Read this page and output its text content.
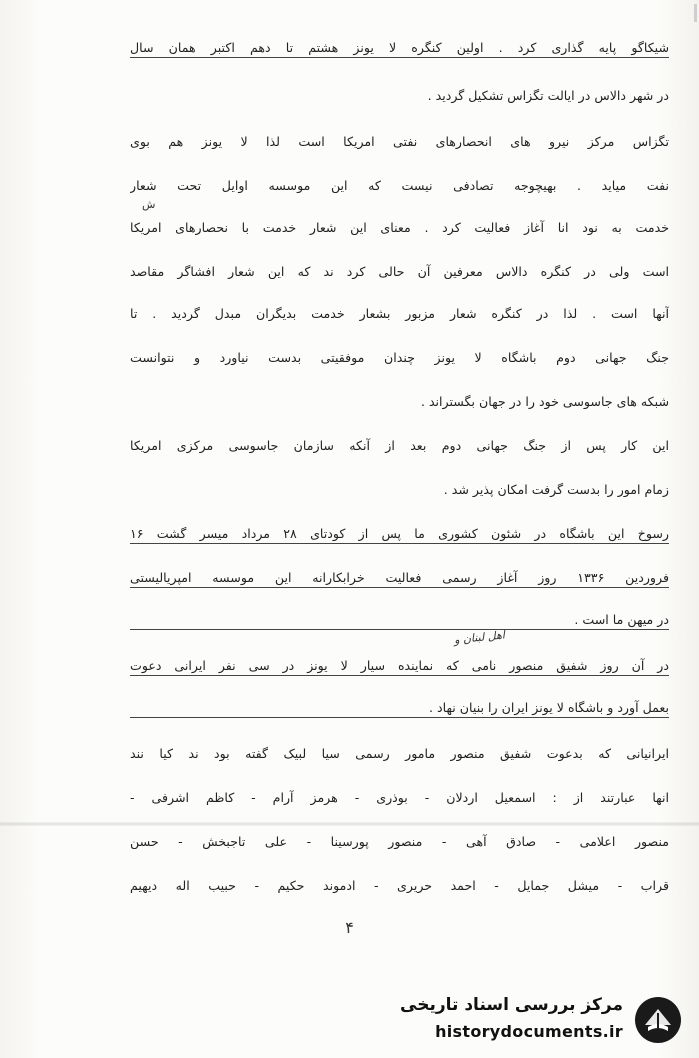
شیکاگو پایه گذاری کرد . اولین کنگره لا یونز هشتم تا دهم اکتبر همان سال
در شهر دالاس در ایالت تگزاس تشکیل گردید .
تگزاس مرکز نیرو های انحصارهای نفتی امریکا است لذا لا یونز هم بوی
نفت میاید . بهیچوجه تصادفی نیست که این موسسه اوایل تحت شعار
ش
خدمت به نود انا آغاز فعالیت کرد . معنای این شعار خدمت با نحصارهای امریکا
است ولی در کنگره دالاس معرفین آن حالی کرد ند که این شعار افشاگر مقاصد
آنها است . لذا در کنگره شعار مزبور بشعار خدمت بدیگران مبدل گردید . تا
جنگ جهانی دوم باشگاه لا یونز چندان موفقیتی بدست نیاورد و نتوانست
شبکه های جاسوسی خود را در جهان بگستراند .
این کار پس از جنگ جهانی دوم بعد از آنکه سازمان جاسوسی مرکزی امریکا
زمام امور را بدست گرفت امکان پذیر شد .
رسوخ این باشگاه در شئون کشوری ما پس از کودتای ۲۸ مرداد میسر گشت ۱۶
فروردین ۱۳۳۶ روز آغاز رسمی فعالیت خرابکارانه این موسسه امپریالیستی
در میهن ما است .
اهل لبنان و
در آن روز شفیق منصور نامی که نماینده سیار لا یونز در سی نفر ایرانی دعوت
بعمل آورد و باشگاه لا یونز ایران را بنیان نهاد .
ایرانیانی که بدعوت شفیق منصور مامور رسمی سیا لبیک گفته بود ند کیا نند
انها عبارتند از : اسمعیل اردلان - بوذری - هرمز آرام - کاظم اشرفی -
منصور اعلامی - صادق آهی - منصور پورسینا - علی تاجبخش - حسن
قراب - میشل جمایل - احمد حریری - ادموند حکیم - حبیب اله دیهیم
۴
مرکز بررسی اسناد تاریخی
historydocuments.ir
